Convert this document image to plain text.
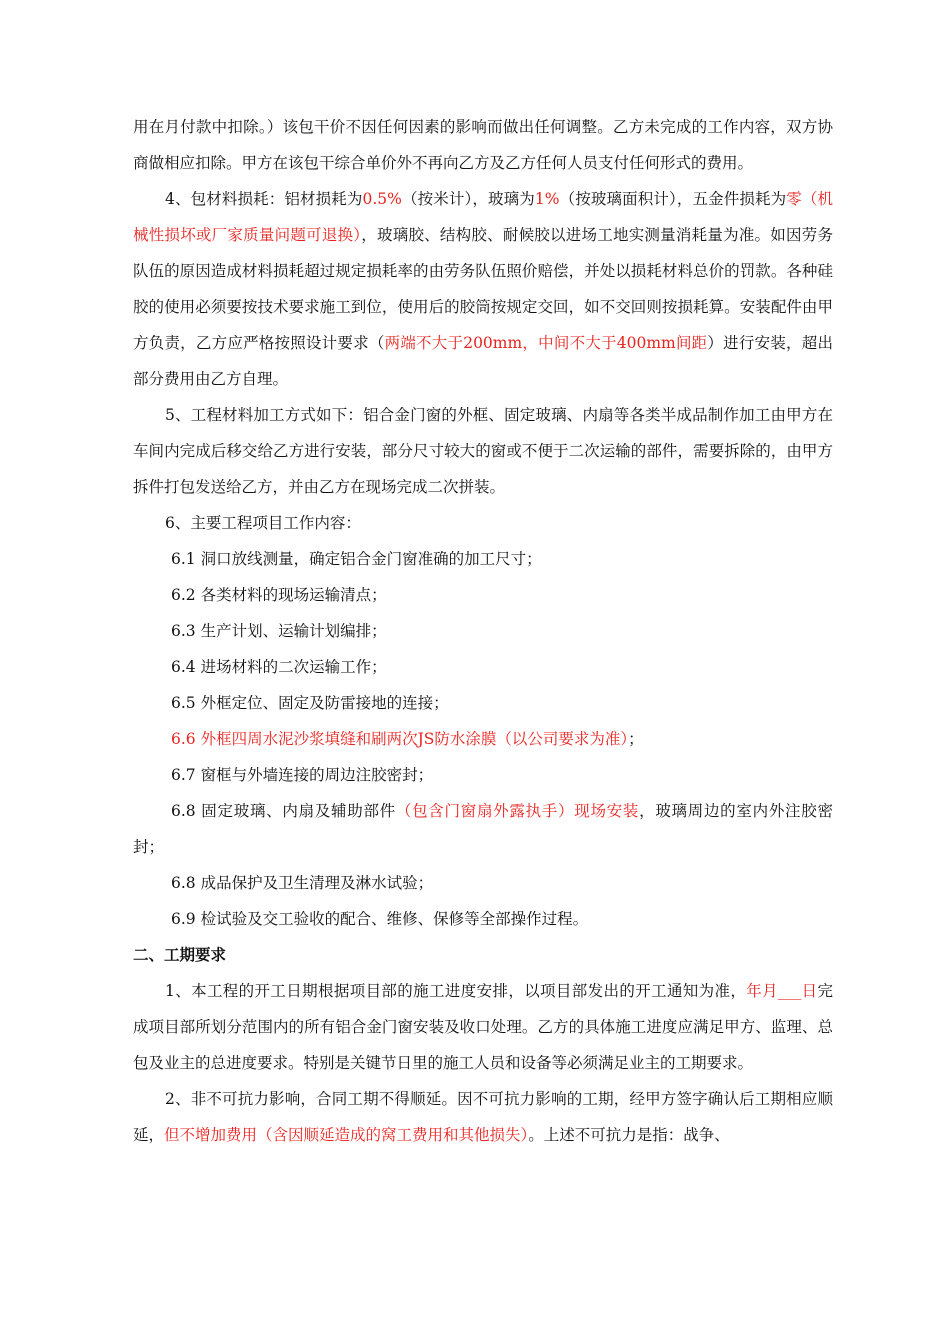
用在月付款中扣除。）该包干价不因任何因素的影响而做出任何调整。乙方未完成的工作内容，双方协商做相应扣除。甲方在该包干综合单价外不再向乙方及乙方任何人员支付任何形式的费用。

4、包材料损耗：铝材损耗为0.5%（按米计），玻璃为1%（按玻璃面积计），五金件损耗为零（机械性损坏或厂家质量问题可退换），玻璃胶、结构胶、耐候胶以进场工地实测量消耗量为准。如因劳务队伍的原因造成材料损耗超过规定损耗率的由劳务队伍照价赔偿，并处以损耗材料总价的罚款。各种硅胶的使用必须要按技术要求施工到位，使用后的胶筒按规定交回，如不交回则按损耗算。安装配件由甲方负责，乙方应严格按照设计要求（两端不大于200mm，中间不大于400mm间距）进行安装，超出部分费用由乙方自理。

5、工程材料加工方式如下：铝合金门窗的外框、固定玻璃、内扇等各类半成品制作加工由甲方在车间内完成后移交给乙方进行安装，部分尺寸较大的窗或不便于二次运输的部件，需要拆除的，由甲方拆件打包发送给乙方，并由乙方在现场完成二次拼装。

6、主要工程项目工作内容：

6.1 洞口放线测量，确定铝合金门窗准确的加工尺寸；

6.2 各类材料的现场运输清点；

6.3 生产计划、运输计划编排；

6.4 进场材料的二次运输工作；

6.5 外框定位、固定及防雷接地的连接；

6.6 外框四周水泥沙浆填缝和刷两次JS防水涂膜（以公司要求为准）；

6.7 窗框与外墙连接的周边注胶密封；

6.8 固定玻璃、内扇及辅助部件（包含门窗扇外露执手）现场安装，玻璃周边的室内外注胶密封；

6.8 成品保护及卫生清理及淋水试验；

6.9 检试验及交工验收的配合、维修、保修等全部操作过程。

二、工期要求

1、本工程的开工日期根据项目部的施工进度安排，以项目部发出的开工通知为准，年月___日完成项目部所划分范围内的所有铝合金门窗安装及收口处理。乙方的具体施工进度应满足甲方、监理、总包及业主的总进度要求。特别是关键节日里的施工人员和设备等必须满足业主的工期要求。

2、非不可抗力影响，合同工期不得顺延。因不可抗力影响的工期，经甲方签字确认后工期相应顺延，但不增加费用（含因顺延造成的窝工费用和其他损失）。上述不可抗力是指：战争、
